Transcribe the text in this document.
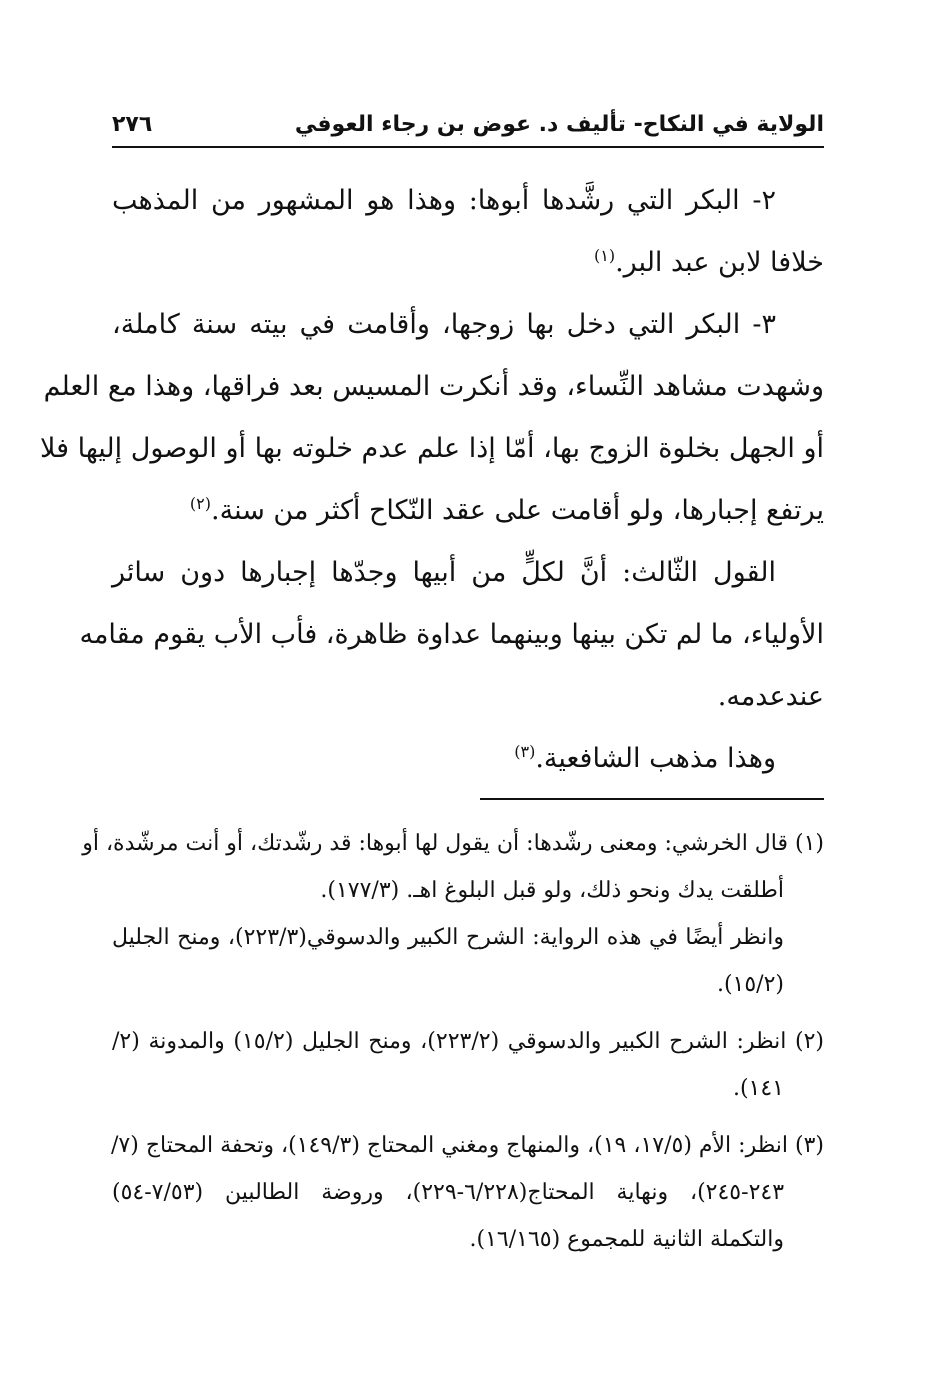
الولاية في النكاح- تأليف د. عوض بن رجاء العوفي
٢٧٦
٢- البكر التي رشَّدها أبوها: وهذا هو المشهور من المذهب
خلافا لابن عبد البر.$^{(١)}$
٣- البكر التي دخل بها زوجها، وأقامت في بيته سنة كاملة،
وشهدت مشاهد النِّساء، وقد أنكرت المسيس بعد فراقها، وهذا مع العلم
أو الجهل بخلوة الزوج بها، أمّا إذا علم عدم خلوته بها أو الوصول إليها فلا
يرتفع إجبارها، ولو أقامت على عقد النّكاح أكثر من سنة.$^{(٢)}$
القول الثّالث: أنَّ لكلٍّ من أبيها وجدّها إجبارها دون سائر
الأولياء، ما لم تكن بينها وبينهما عداوة ظاهرة، فأب الأب يقوم مقامه
عندعدمه.
وهذا مذهب الشافعية.$^{(٣)}$
(١) قال الخرشي: ومعنى رشّدها: أن يقول لها أبوها: قد رشّدتك، أو أنت مرشّدة، أو
أطلقت يدك ونحو ذلك، ولو قبل البلوغ اهـ. (١٧٧/٣).
وانظر أيضًا في هذه الرواية: الشرح الكبير والدسوقي(٢٢٣/٣)، ومنح الجليل
(١٥/٢).
(٢) انظر: الشرح الكبير والدسوقي (٢٢٣/٢)، ومنح الجليل (١٥/٢) والمدونة (٢/
١٤١).
(٣) انظر: الأم (١٧/٥، ١٩)، والمنهاج ومغني المحتاج (١٤٩/٣)، وتحفة المحتاج (٧/
٢٤٣-٢٤٥)، ونهاية المحتاج(٦/٢٢٨-٢٢٩)، وروضة الطالبين (٧/٥٣-٥٤)
والتكملة الثانية للمجموع (١٦/١٦٥).
